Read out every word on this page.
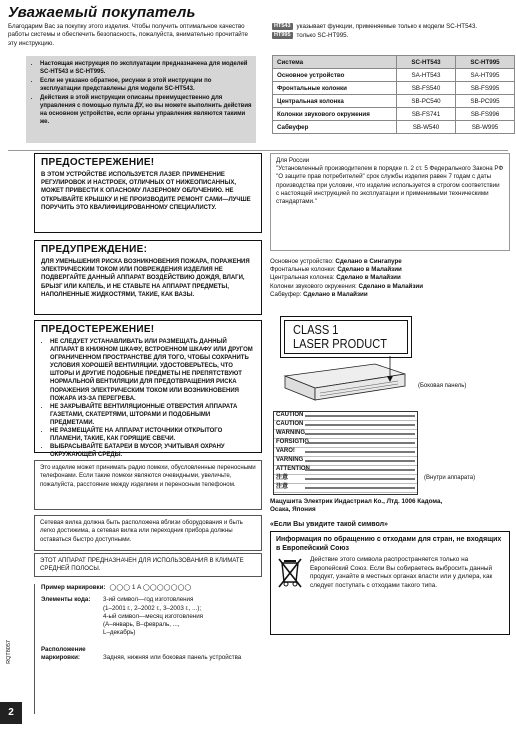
Уважаемый покупатель
Благодарим Вас за покупку этого изделия. Чтобы получить оптимальное качество работы системы и обеспечить безопасность, пожалуйста, внимательно прочитайте эту инструкцию.
• Настоящая инструкция по эксплуатации предназначена для моделей SC-HT543 и SC-HT995.
• Если не указано обратное, рисунки в этой инструкции по эксплуатации представлены для модели SC-HT543.
• Действия в этой инструкции описаны преимущественно для управления с помощью пульта ДУ, но вы можете выполнить действия на основном устройстве, если органы управления являются такими же.
HT543 указывает функции, применяемые только к модели SC-HT543.
HT995 только SC-HT995.
Система	SC-HT543	SC-HT995
Основное устройство	SA-HT543	SA-HT995
Фронтальные колонки	SB-FS540	SB-FS995
Центральная колонка	SB-PC540	SB-PC995
Колонки звукового окружения	SB-FS741	SB-FS996
Сабвуфер	SB-W540	SB-W995
ПРЕДОСТЕРЕЖЕНИЕ!
В ЭТОМ УСТРОЙСТВЕ ИСПОЛЬЗУЕТСЯ ЛАЗЕР. ПРИМЕНЕНИЕ РЕГУЛИРОВОК И НАСТРОЕК, ОТЛИЧНЫХ ОТ НИЖЕОПИСАННЫХ, МОЖЕТ ПРИВЕСТИ К ОПАСНОМУ ЛАЗЕРНОМУ ОБЛУЧЕНИЮ. НЕ ОТКРЫВАЙТЕ КРЫШКУ И НЕ ПРОИЗВОДИТЕ РЕМОНТ САМИ—ЛУЧШЕ ПОРУЧИТЬ ЭТО КВАЛИФИЦИРОВАННОМУ СПЕЦИАЛИСТУ.
ПРЕДУПРЕЖДЕНИЕ:
ДЛЯ УМЕНЬШЕНИЯ РИСКА ВОЗНИКНОВЕНИЯ ПОЖАРА, ПОРАЖЕНИЯ ЭЛЕКТРИЧЕСКИМ ТОКОМ ИЛИ ПОВРЕЖДЕНИЯ ИЗДЕЛИЯ НЕ ПОДВЕРГАЙТЕ ДАННЫЙ АППАРАТ ВОЗДЕЙСТВИЮ ДОЖДЯ, ВЛАГИ, БРЫЗГ ИЛИ КАПЕЛЬ, И НЕ СТАВЬТЕ НА АППАРАТ ПРЕДМЕТЫ, НАПОЛНЕННЫЕ ЖИДКОСТЯМИ, ТАКИЕ, КАК ВАЗЫ.
ПРЕДОСТЕРЕЖЕНИЕ!
• НЕ СЛЕДУЕТ УСТАНАВЛИВАТЬ ИЛИ РАЗМЕЩАТЬ ДАННЫЙ АППАРАТ В КНИЖНОМ ШКАФУ, ВСТРОЕННОМ ШКАФУ ИЛИ ДРУГОМ ОГРАНИЧЕННОМ ПРОСТРАНСТВЕ ДЛЯ ТОГО, ЧТОБЫ СОХРАНИТЬ УСЛОВИЯ ХОРОШЕЙ ВЕНТИЛЯЦИИ. УДОСТОВЕРЬТЕСЬ, ЧТО ШТОРЫ И ДРУГИЕ ПОДОБНЫЕ ПРЕДМЕТЫ НЕ ПРЕПЯТСТВУЮТ НОРМАЛЬНОЙ ВЕНТИЛЯЦИИ ДЛЯ ПРЕДОТВРАЩЕНИЯ РИСКА ПОРАЖЕНИЯ ЭЛЕКТРИЧЕСКИМ ТОКОМ ИЛИ ВОЗНИКНОВЕНИЯ ПОЖАРА ИЗ-ЗА ПЕРЕГРЕВА.
• НЕ ЗАКРЫВАЙТЕ ВЕНТИЛЯЦИОННЫЕ ОТВЕРСТИЯ АППАРАТА ГАЗЕТАМИ, СКАТЕРТЯМИ, ШТОРАМИ И ПОДОБНЫМИ ПРЕДМЕТАМИ.
• НЕ РАЗМЕЩАЙТЕ НА АППАРАТ ИСТОЧНИКИ ОТКРЫТОГО ПЛАМЕНИ, ТАКИЕ, КАК ГОРЯЩИЕ СВЕЧИ.
• ВЫБРАСЫВАЙТЕ БАТАРЕИ В МУСОР, УЧИТЫВАЯ ОХРАНУ ОКРУЖАЮЩЕЙ СРЕДЫ.
Это изделие может принимать радио помехи, обусловленные переносными телефонами. Если такие помехи являются очевидными, увеличьте, пожалуйста, расстояние между изделием и переносным телефоном.
Сетевая вилка должна быть расположена вблизи оборудования и быть легко достижима, а сетевая вилка или переходник прибора должны оставаться быстро доступными.
ЭТОТ АППАРАТ ПРЕДНАЗНАЧЕН ДЛЯ ИСПОЛЬЗОВАНИЯ В КЛИМАТЕ СРЕДНЕЙ ПОЛОСЫ.
Пример маркировки: ◯◯◯ 1 А ◯◯◯◯◯◯◯
Элементы кода:	3-ий символ—год изготовления
(1–2001 г., 2–2002 г., 3–2003 г., ...);
4-ый символ—месяц изготовления
(А–январь, В–февраль, ...,
L–декабрь)
Расположение
маркировки:	Задняя, нижняя или боковая панель устройства
RQT8057
2
Для России
"Установленный производителем в порядке п. 2 ст. 5 Федерального Закона РФ "О защите прав потребителей" срок службы изделия равен 7 годам с даты производства при условии, что изделие используется в строгом соответствии с настоящей инструкцией по эксплуатации и применимыми техническими стандартами."
Основное устройство: Сделано в Сингапуре
Фронтальные колонки: Сделано в Малайзии
Центральная колонка: Сделано в Малайзии
Колонки звукового окружения: Сделано в Малайзии
Сабвуфер: Сделано в Малайзии
CLASS 1
LASER PRODUCT
(Боковая панель)
CAUTION
CAUTION
WARNING
FORSIGTIG
VARO!
VARNING
ATTENTION
注意
注意
(Внутри аппарата)
Мацушита Электрик Индастриал Ко., Лтд. 1006 Кадома, Осака, Япония
«Если Вы увидите такой символ»
Информация по обращению с отходами для стран, не входящих в Европейский Союз
Действие этого символа распространяется только на Европейский Союз. Если Вы собираетесь выбросить данный продукт, узнайте в местных органах власти или у дилера, как следует поступать с отходами такого типа.
